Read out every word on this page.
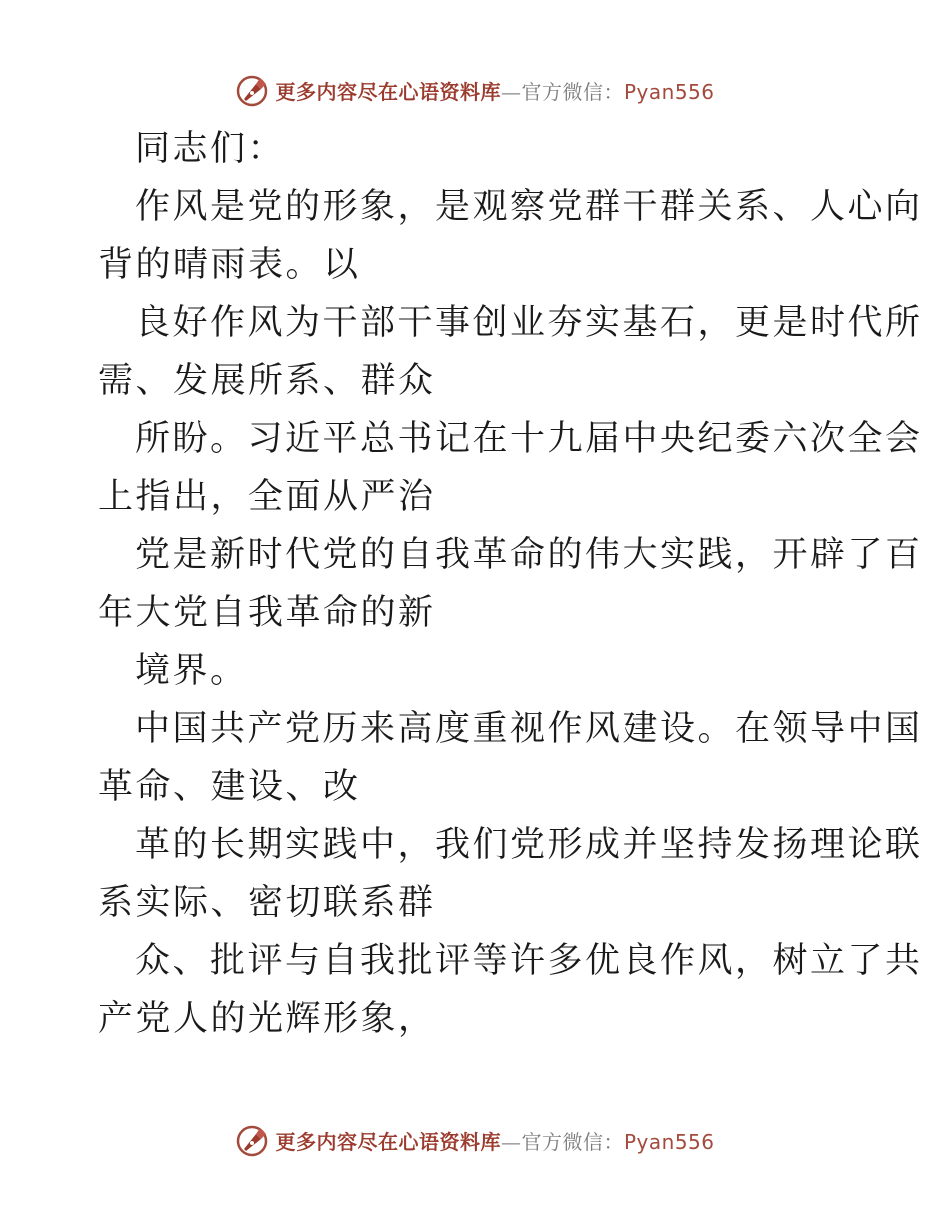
更多内容尽在心语资料库—官方微信：Pyan556
同志们：
作风是党的形象，是观察党群干群关系、人心向
背的晴雨表。以
良好作风为干部干事创业夯实基石，更是时代所
需、发展所系、群众
所盼。习近平总书记在十九届中央纪委六次全会
上指出，全面从严治
党是新时代党的自我革命的伟大实践，开辟了百
年大党自我革命的新
境界。
中国共产党历来高度重视作风建设。在领导中国
革命、建设、改
革的长期实践中，我们党形成并坚持发扬理论联
系实际、密切联系群
众、批评与自我批评等许多优良作风，树立了共
产党人的光辉形象，
更多内容尽在心语资料库—官方微信：Pyan556
